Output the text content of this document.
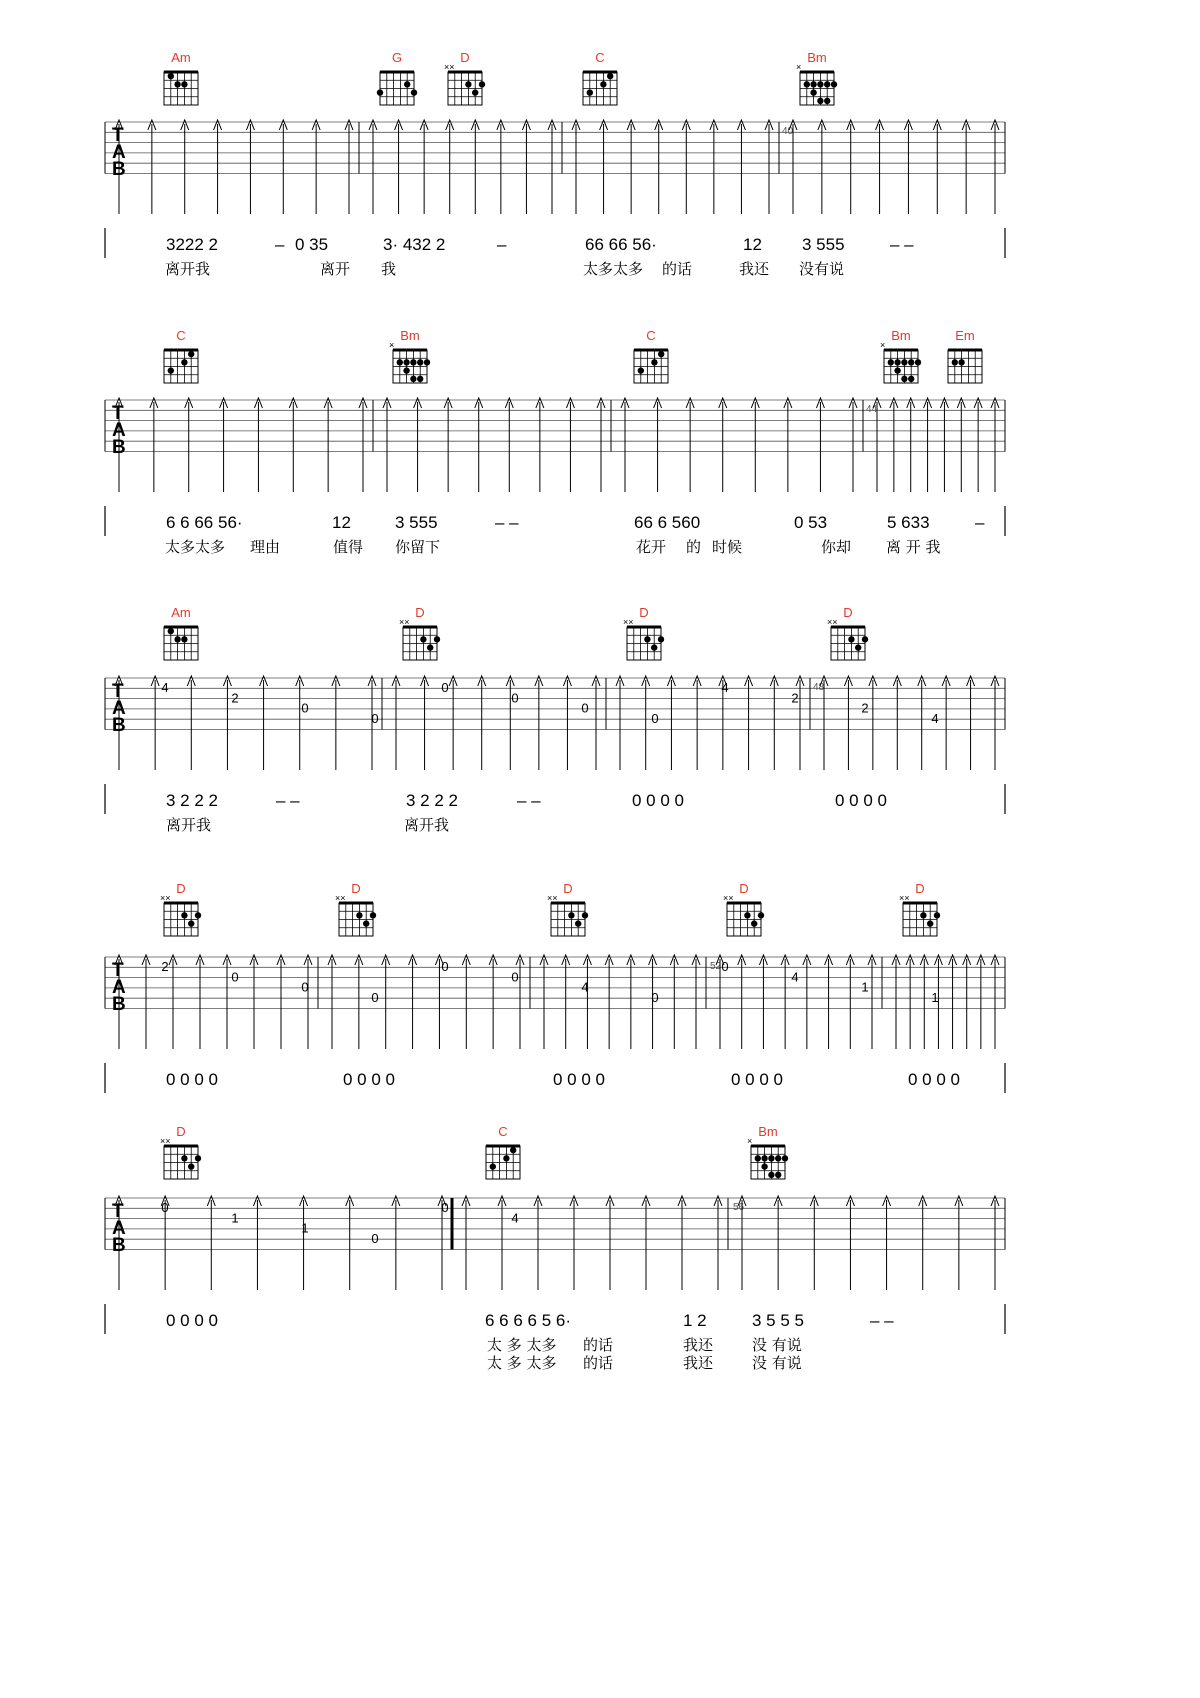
T
A
B
Am	G	D
××
C	Bm
×
40
3222 2	– 0 35	3· 432 2	–	66 66 56·	12 3 555	– –
离开我	离开 我	太多太多 的话	我还 没有说
T
A
B
C	Bm
×
C	Bm
×
Em
44
6 6 66 56·	12	3 555	– –	66 6 560	0 53	5 633	–
太多太多 理由	值得 你留下	花开 的 时候	你却 离 开 我
T
A
B
Am	D
××
D
××
D
××
48
4
2
0
0
0
0
0
0
4
2
2
4
3 2 2 2	– –	3 2 2 2	– –	0 0 0 0	0 0 0 0
离开我	离开我
T
A
B
D
××
D
××
D
××
D
××
D
××
52
2
0
0
0
0
0
4
0
0
4
1
1
0 0 0 0	0 0 0 0	0 0 0 0	0 0 0 0	0 0 0 0
T
A
B
D
××
C	Bm
×
56
0
1
1
0
0
4
0 0 0 0	6 6 6 6 5 6·	1 2	3 5 5 5	– –
太 多 太多 的话	我还	没 有说
太 多 太多 的话	我还	没 有说
